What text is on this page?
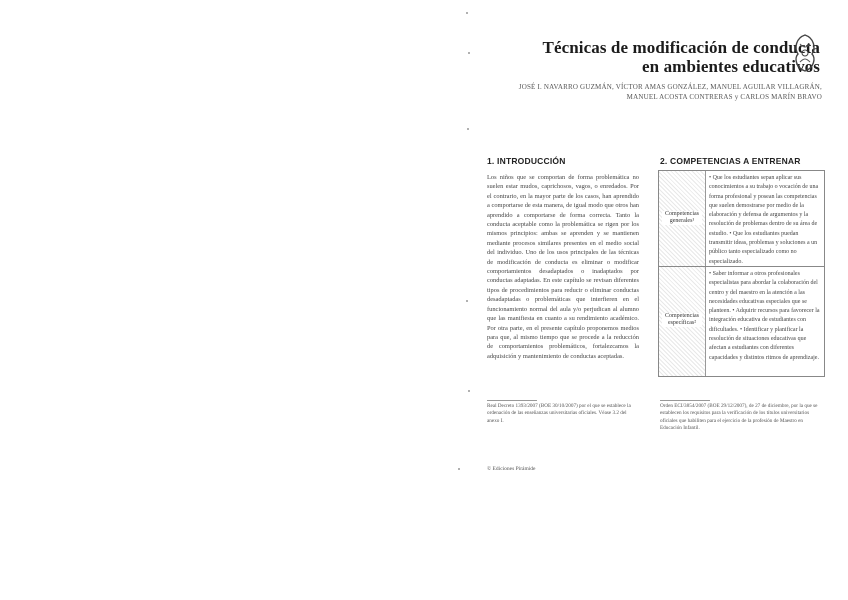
Técnicas de modificación de conducta
en ambientes educativos
JOSÉ I. NAVARRO GUZMÁN, VÍCTOR AMAS GONZÁLEZ, MANUEL AGUILAR VILLAGRÁN,
MANUEL ACOSTA CONTRERAS y CARLOS MARÍN BRAVO
1. INTRODUCCIÓN
Los niños que se comportan de forma problemática no suelen estar mudos, caprichosos, vagos, o enredados. Por el contrario, en la mayor parte de los casos, han aprendido a comportarse de esta manera, de igual modo que otros han aprendido a comportarse de forma correcta. Tanto la conducta aceptable como la problemática se rigen por los mismos principios: ambas se aprenden y se mantienen mediante procesos similares presentes en el medio social del individuo. Uno de los usos principales de las técnicas de modificación de conducta es eliminar o modificar comportamientos desadaptados o inadaptados por conductas adaptadas. En este capítulo se revisan diferentes tipos de procedimientos para reducir o eliminar conductas desadaptadas o problemáticas que interfieren en el funcionamiento normal del aula y/o perjudican al alumno que las manifiesta en cuanto a su rendimiento académico. Por otra parte, en el presente capítulo proponemos medios para que, al mismo tiempo que se procede a la reducción de comportamientos problemáticos, fortalezcamos la adquisición y mantenimiento de conductas aceptadas.
2. COMPETENCIAS A ENTRENAR
Competencias generales¹
• Que los estudiantes sepan aplicar sus conocimientos a su trabajo o vocación de una forma profesional y posean las competencias que suelen demostrarse por medio de la elaboración y defensa de argumentos y la resolución de problemas dentro de su área de estudio. • Que los estudiantes puedan transmitir ideas, problemas y soluciones a un público tanto especializado como no especializado.
Competencias específicas²
• Saber informar a otros profesionales especialistas para abordar la colaboración del centro y del maestro en la atención a las necesidades educativas especiales que se planteen. • Adquirir recursos para favorecer la integración educativa de estudiantes con dificultades. • Identificar y planificar la resolución de situaciones educativas que afectan a estudiantes con diferentes capacidades y distintos ritmos de aprendizaje.
Real Decreto 1393/2007 (BOE 30/10/2007) por el que se establece la ordenación de las enseñanzas universitarias oficiales. Véase 3.2 del anexo I.
Orden ECI/3854/2007 (BOE 29/12/2007), de 27 de diciembre, por la que se establecen los requisitos para la verificación de los títulos universitarios oficiales que habiliten para el ejercicio de la profesión de Maestro en Educación Infantil.
© Ediciones Pirámide
